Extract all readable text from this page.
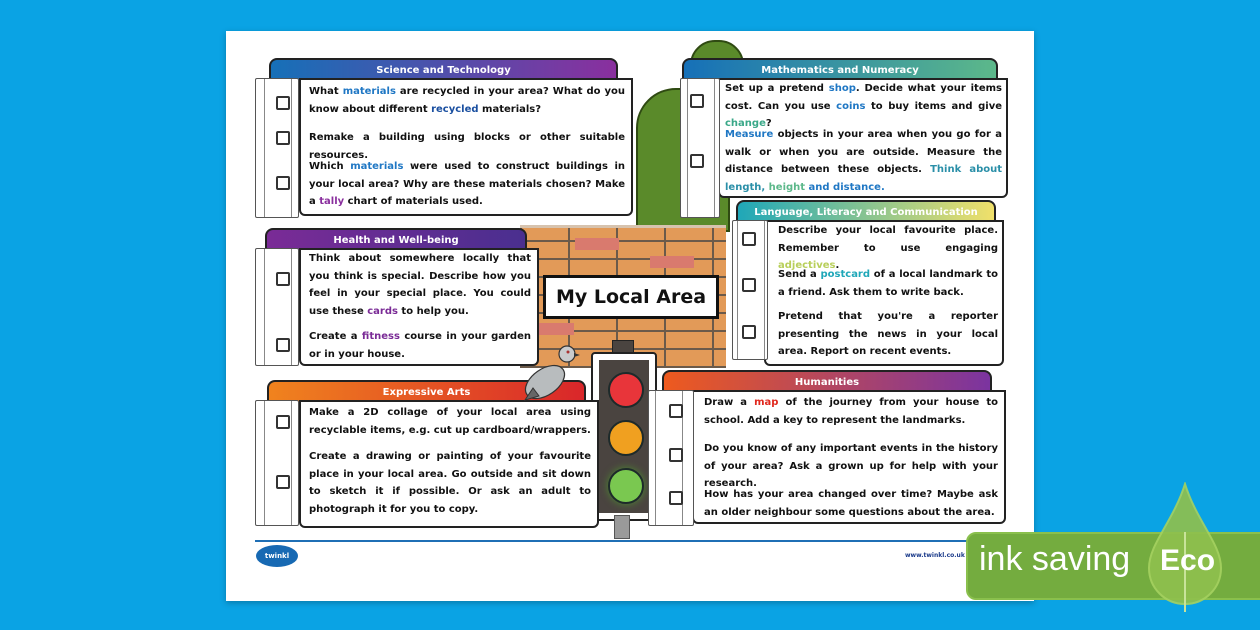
My Local Area
Science and Technology
What materials are recycled in your area? What do you know about different recycled materials?
Remake a building using blocks or other suitable resources.
Which materials were used to construct buildings in your local area? Why are these materials chosen? Make a tally chart of materials used.
Mathematics and Numeracy
Set up a pretend shop. Decide what your items cost. Can you use coins to buy items and give change?
Measure objects in your area when you go for a walk or when you are outside. Measure the distance between these objects. Think about length, height and distance.
Health and Well-being
Think about somewhere locally that you think is special. Describe how you feel in your special place. You could use these cards to help you.
Create a fitness course in your garden or in your house.
Language, Literacy and Communication
Describe your local favourite place. Remember to use engaging adjectives.
Send a postcard of a local landmark to a friend. Ask them to write back.
Pretend that you're a reporter presenting the news in your local area. Report on recent events.
Expressive Arts
Make a 2D collage of your local area using recyclable items, e.g. cut up cardboard/wrappers.
Create a drawing or painting of your favourite place in your local area. Go outside and sit down to sketch it if possible. Or ask an adult to photograph it for you to copy.
Humanities
Draw a map of the journey from your house to school. Add a key to represent the landmarks.
Do you know of any important events in the history of your area? Ask a grown up for help with your research.
How has your area changed over time? Maybe ask an older neighbour some questions about the area.
twinkl	www.twinkl.co.uk ink saving Eco
